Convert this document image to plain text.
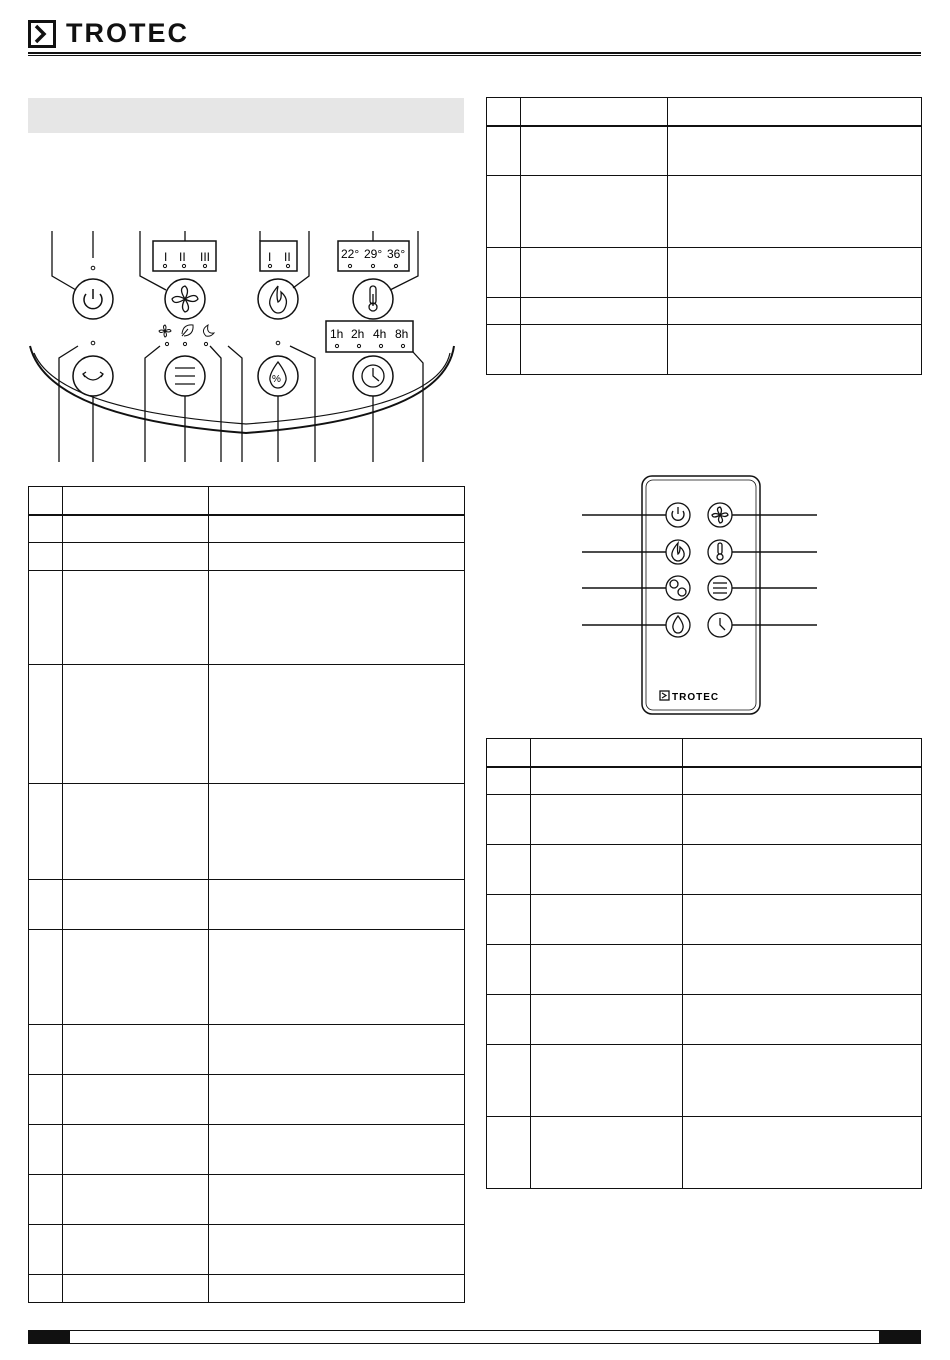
TROTEC
I II III	I II	22° 29° 36°
%
1h 2h 4h 8h

TROTEC
